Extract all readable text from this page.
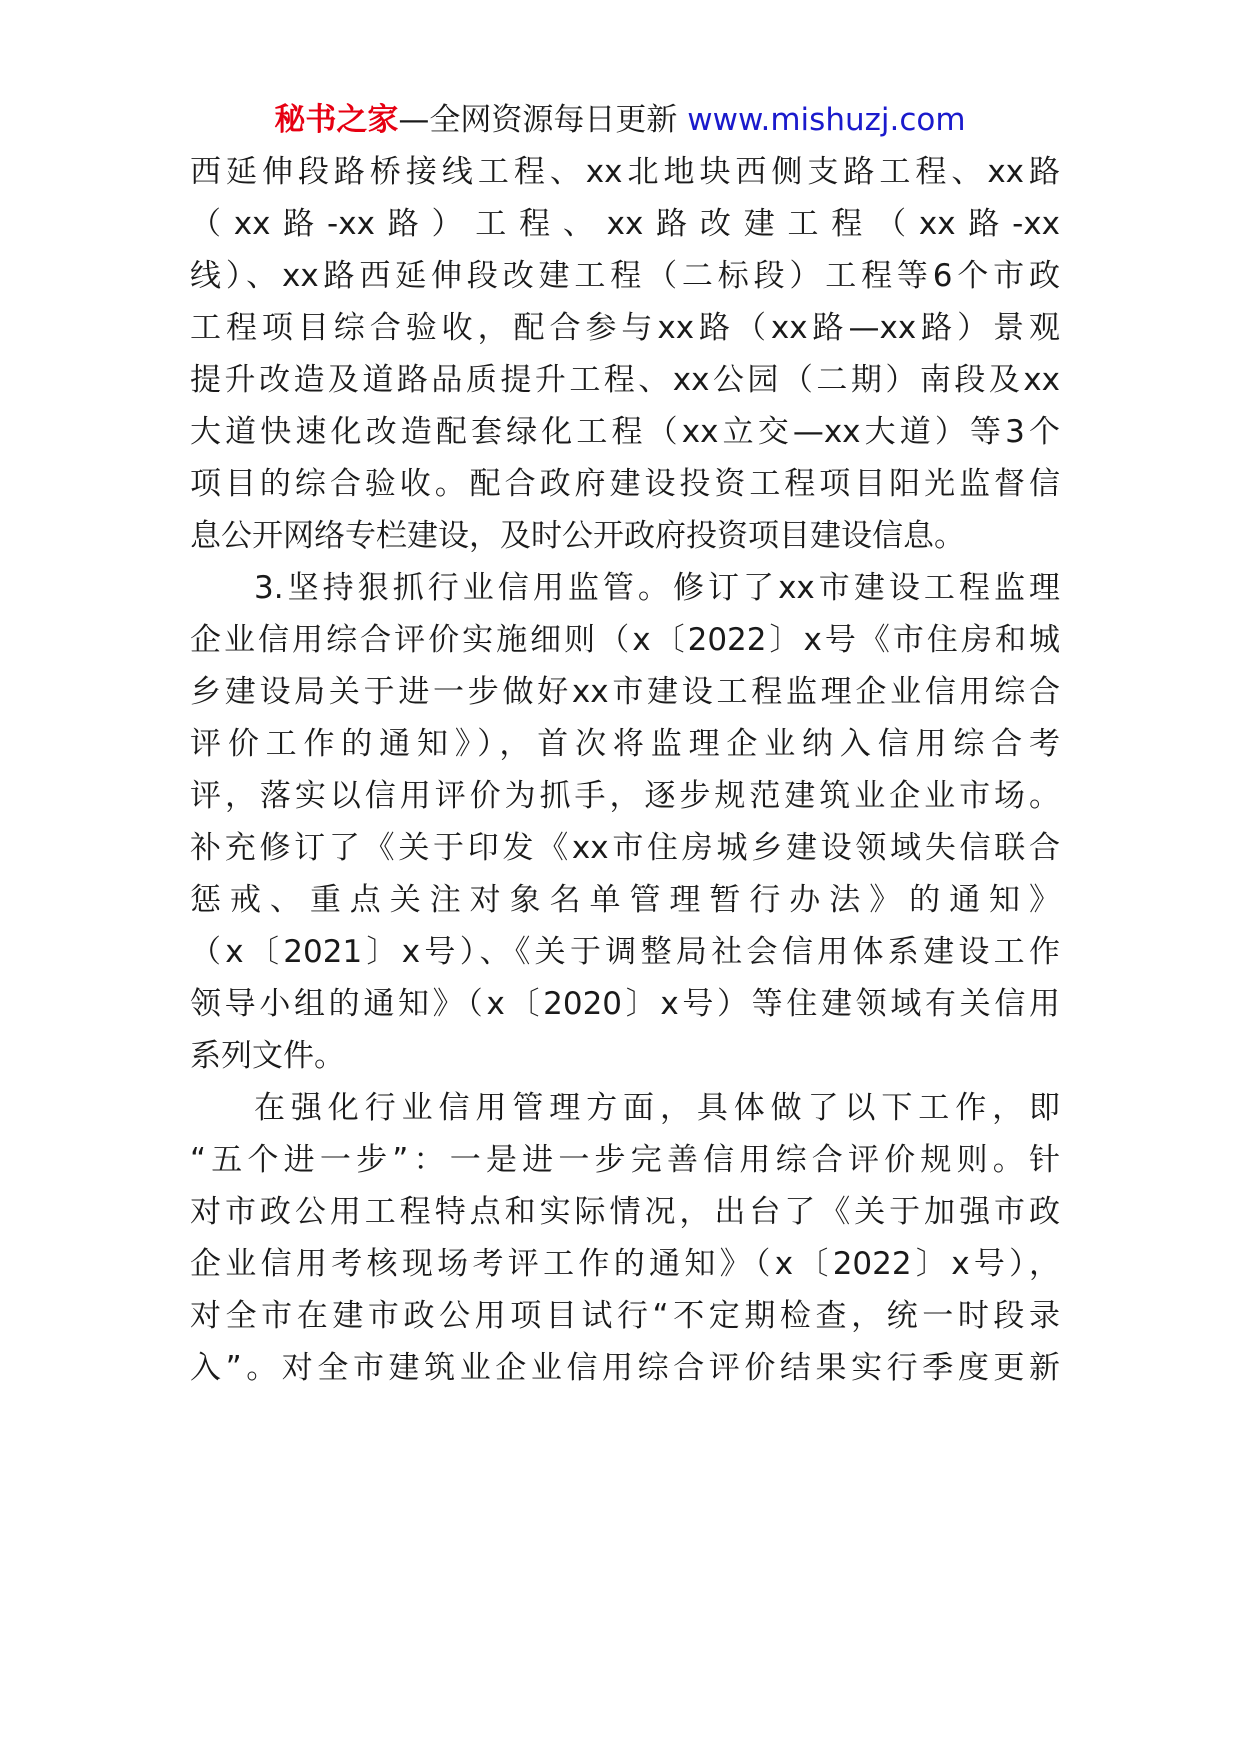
秘书之家—全网资源每日更新 www.mishuzj.com
西延伸段路桥接线工程、xx北地块西侧支路工程、xx路
（xx路-xx路）工程、xx路改建工程（xx路-xx
线）、xx路西延伸段改建工程（二标段）工程等6个市政
工程项目综合验收，配合参与xx路（xx路—xx路）景观
提升改造及道路品质提升工程、xx公园（二期）南段及xx
大道快速化改造配套绿化工程（xx立交—xx大道）等3个
项目的综合验收。配合政府建设投资工程项目阳光监督信
息公开网络专栏建设，及时公开政府投资项目建设信息。
3.坚持狠抓行业信用监管。修订了xx市建设工程监理
企业信用综合评价实施细则（x〔2022〕x号《市住房和城
乡建设局关于进一步做好xx市建设工程监理企业信用综合
评价工作的通知》），首次将监理企业纳入信用综合考
评，落实以信用评价为抓手，逐步规范建筑业企业市场。
补充修订了《关于印发《xx市住房城乡建设领域失信联合
惩戒、重点关注对象名单管理暂行办法》的通知》
（x〔2021〕x号）、《关于调整局社会信用体系建设工作
领导小组的通知》（x〔2020〕x号）等住建领域有关信用
系列文件。
在强化行业信用管理方面，具体做了以下工作，即
“五个进一步”：一是进一步完善信用综合评价规则。针
对市政公用工程特点和实际情况，出台了《关于加强市政
企业信用考核现场考评工作的通知》（x〔2022〕x号），
对全市在建市政公用项目试行“不定期检查，统一时段录
入”。对全市建筑业企业信用综合评价结果实行季度更新
